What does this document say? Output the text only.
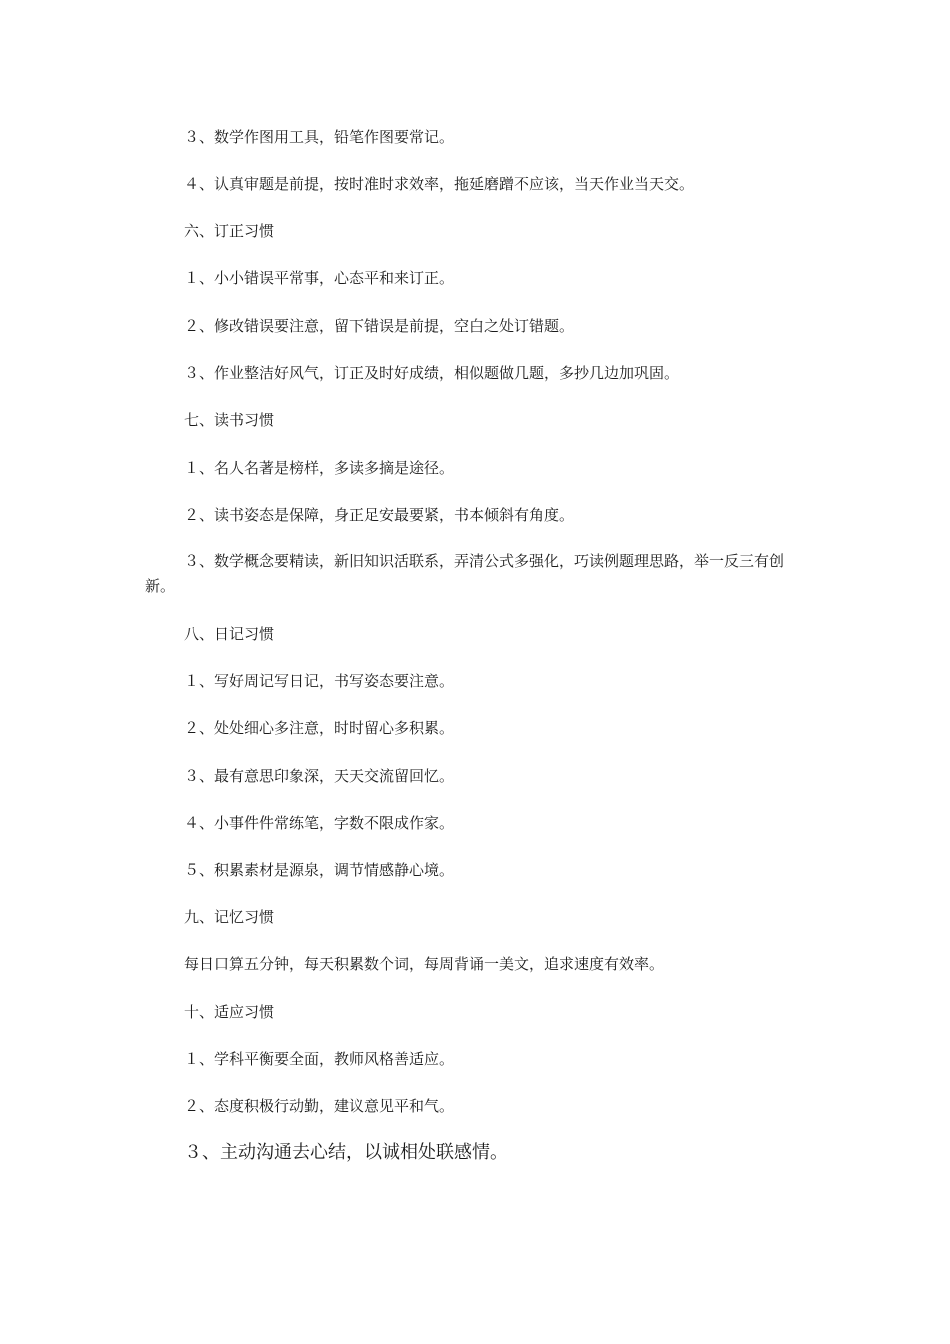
３、数学作图用工具，铅笔作图要常记。

４、认真审题是前提，按时准时求效率，拖延磨蹭不应该，当天作业当天交。

六、订正习惯

１、小小错误平常事，心态平和来订正。

２、修改错误要注意，留下错误是前提，空白之处订错题。

３、作业整洁好风气，订正及时好成绩，相似题做几题，多抄几边加巩固。

七、读书习惯

１、名人名著是榜样，多读多摘是途径。

２、读书姿态是保障，身正足安最要紧，书本倾斜有角度。

３、数学概念要精读，新旧知识活联系，弄清公式多强化，巧读例题理思路，举一反三有创新。

八、日记习惯

１、写好周记写日记，书写姿态要注意。

２、处处细心多注意，时时留心多积累。

３、最有意思印象深，天天交流留回忆。

４、小事件件常练笔，字数不限成作家。

５、积累素材是源泉，调节情感静心境。

九、记忆习惯

每日口算五分钟，每天积累数个词，每周背诵一美文，追求速度有效率。

十、适应习惯

１、学科平衡要全面，教师风格善适应。

２、态度积极行动勤，建议意见平和气。

３、主动沟通去心结，以诚相处联感情。
